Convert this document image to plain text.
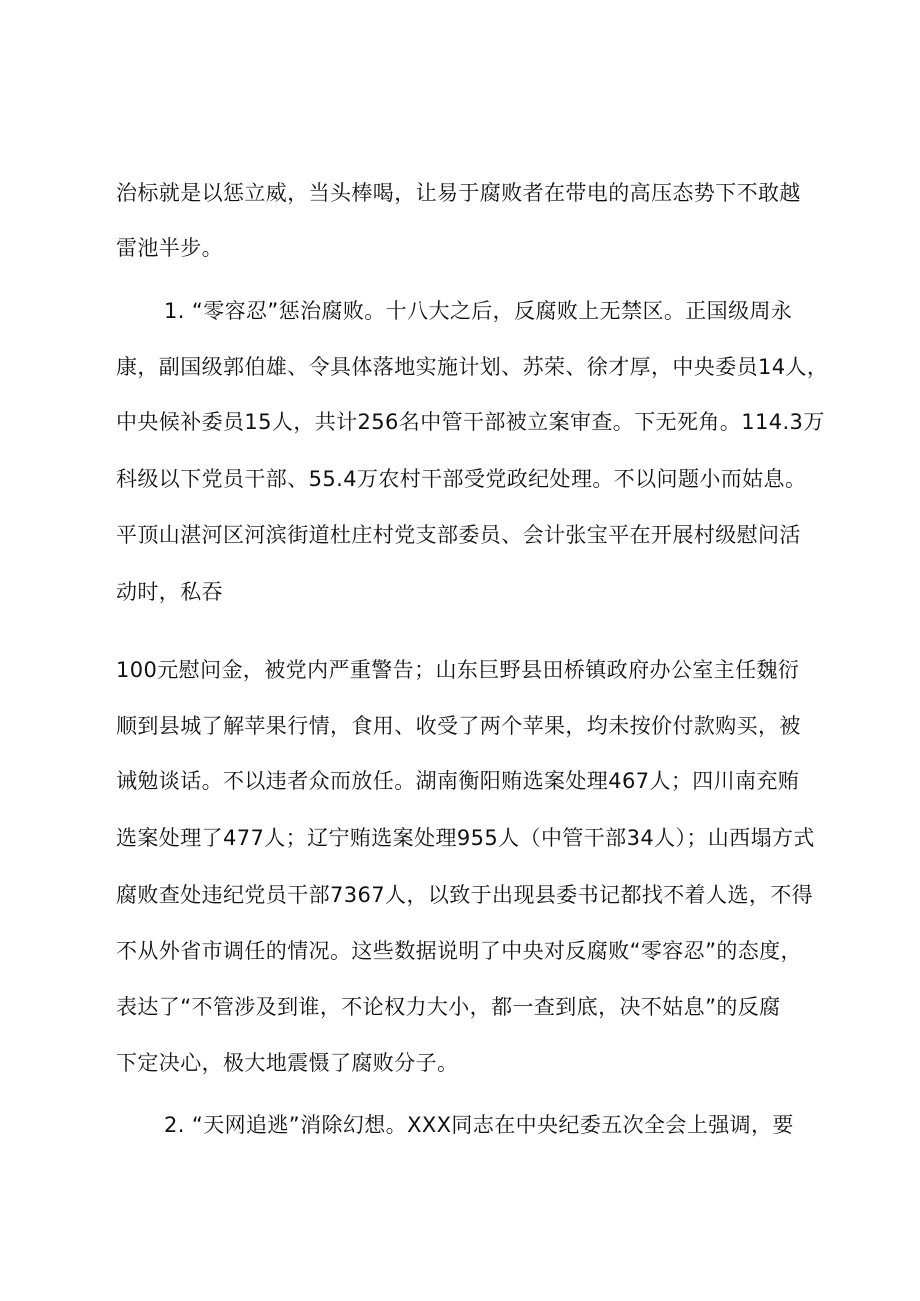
治标就是以惩立威，当头棒喝，让易于腐败者在带电的高压态势下不敢越
雷池半步。
1. “零容忍”惩治腐败。十八大之后，反腐败上无禁区。正国级周永
康，副国级郭伯雄、令具体落地实施计划、苏荣、徐才厚，中央委员14人，
中央候补委员15人，共计256名中管干部被立案审查。下无死角。114.3万
科级以下党员干部、55.4万农村干部受党政纪处理。不以问题小而姑息。
平顶山湛河区河滨街道杜庄村党支部委员、会计张宝平在开展村级慰问活
动时，私吞
100元慰问金，被党内严重警告；山东巨野县田桥镇政府办公室主任魏衍
顺到县城了解苹果行情，食用、收受了两个苹果，均未按价付款购买，被
诫勉谈话。不以违者众而放任。湖南衡阳贿选案处理467人；四川南充贿
选案处理了477人；辽宁贿选案处理955人（中管干部34人）；山西塌方式
腐败查处违纪党员干部7367人，以致于出现县委书记都找不着人选，不得
不从外省市调任的情况。这些数据说明了中央对反腐败“零容忍”的态度，
表达了“不管涉及到谁，不论权力大小，都一查到底，决不姑息”的反腐
下定决心，极大地震慑了腐败分子。
2. “天网追逃”消除幻想。XXX同志在中央纪委五次全会上强调，要
